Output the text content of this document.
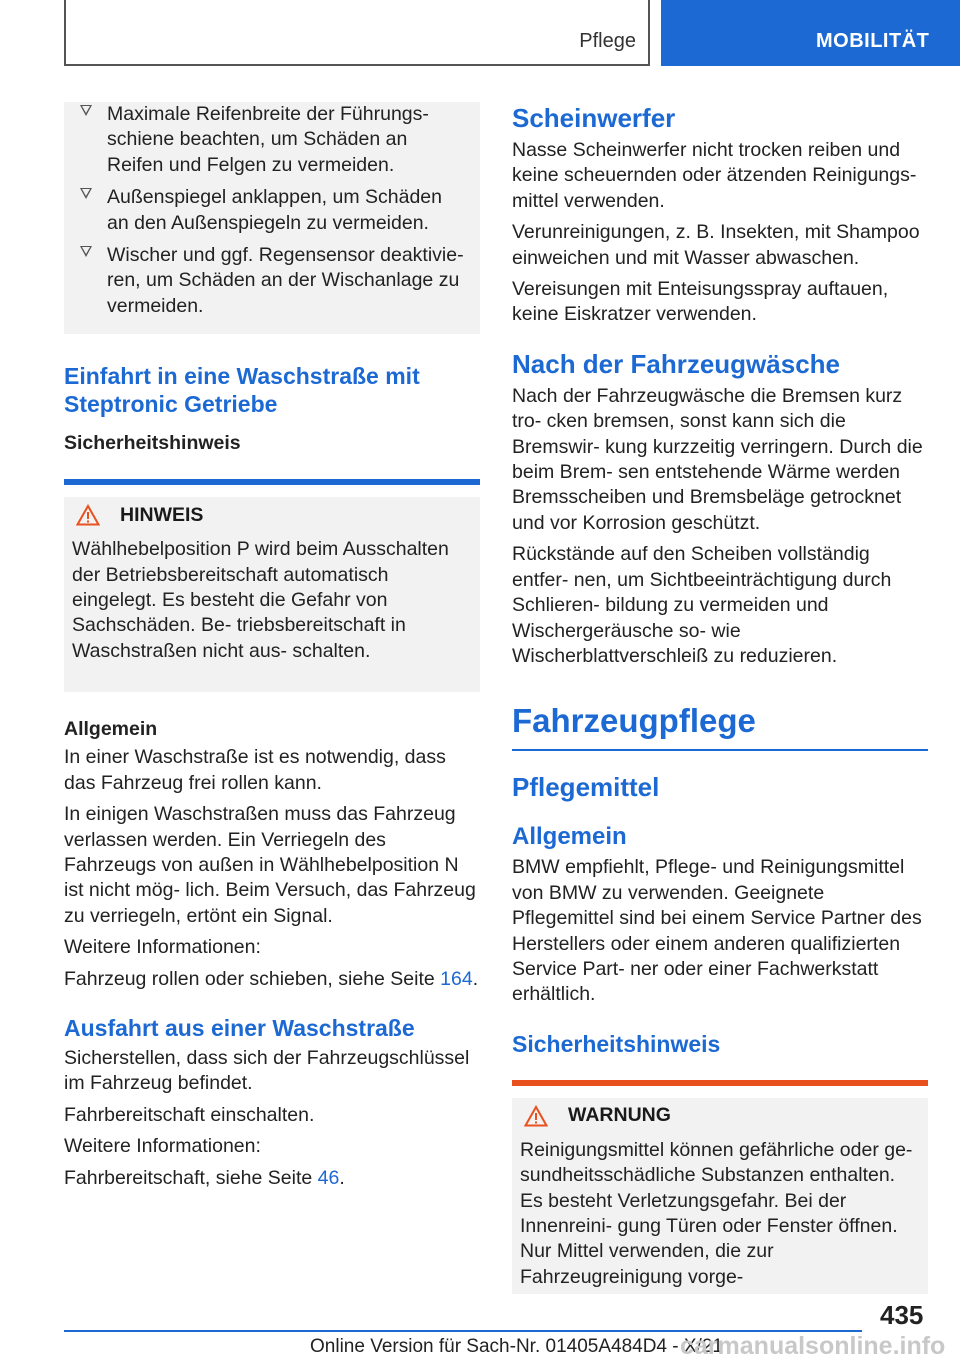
Pflege	MOBILITÄT
Maximale Reifenbreite der Führungs- schiene beachten, um Schäden an Reifen und Felgen zu vermeiden.
Außenspiegel anklappen, um Schäden an den Außenspiegeln zu vermeiden.
Wischer und ggf. Regensensor deaktivie- ren, um Schäden an der Wischanlage zu vermeiden.
Einfahrt in eine Waschstraße mit Steptronic Getriebe
Sicherheitshinweis
HINWEIS

Wählhebelposition P wird beim Ausschalten der Betriebsbereitschaft automatisch eingelegt. Es besteht die Gefahr von Sachschäden. Be- triebsbereitschaft in Waschstraßen nicht aus- schalten.

Allgemein

In einer Waschstraße ist es notwendig, dass das Fahrzeug frei rollen kann.

In einigen Waschstraßen muss das Fahrzeug verlassen werden. Ein Verriegeln des Fahrzeugs von außen in Wählhebelposition N ist nicht mög- lich. Beim Versuch, das Fahrzeug zu verriegeln, ertönt ein Signal.

Weitere Informationen:

Fahrzeug rollen oder schieben, siehe Seite 164.

Ausfahrt aus einer Waschstraße

Sicherstellen, dass sich der Fahrzeugschlüssel im Fahrzeug befindet.

Fahrbereitschaft einschalten.

Weitere Informationen:

Fahrbereitschaft, siehe Seite 46.

Scheinwerfer

Nasse Scheinwerfer nicht trocken reiben und keine scheuernden oder ätzenden Reinigungs- mittel verwenden.

Verunreinigungen, z. B. Insekten, mit Shampoo einweichen und mit Wasser abwaschen.

Vereisungen mit Enteisungsspray auftauen, keine Eiskratzer verwenden.

Nach der Fahrzeugwäsche

Nach der Fahrzeugwäsche die Bremsen kurz tro- cken bremsen, sonst kann sich die Bremswir- kung kurzzeitig verringern. Durch die beim Brem- sen entstehende Wärme werden Bremsscheiben und Bremsbeläge getrocknet und vor Korrosion geschützt.

Rückstände auf den Scheiben vollständig entfer- nen, um Sichtbeeinträchtigung durch Schlieren- bildung zu vermeiden und Wischergeräusche so- wie Wischerblattverschleiß zu reduzieren.

Fahrzeugpflege
Pflegemittel
Allgemein

BMW empfiehlt, Pflege- und Reinigungsmittel von BMW zu verwenden. Geeignete Pflegemittel sind bei einem Service Partner des Herstellers oder einem anderen qualifizierten Service Part- ner oder einer Fachwerkstatt erhältlich.

Sicherheitshinweis
WARNUNG

Reinigungsmittel können gefährliche oder ge- sundheitsschädliche Substanzen enthalten. Es besteht Verletzungsgefahr. Bei der Innenreini- gung Türen oder Fenster öffnen. Nur Mittel verwenden, die zur Fahrzeugreinigung vorge-

435
Online Version für Sach-Nr. 01405A484D4 - X/21
carmanualsonline.info
